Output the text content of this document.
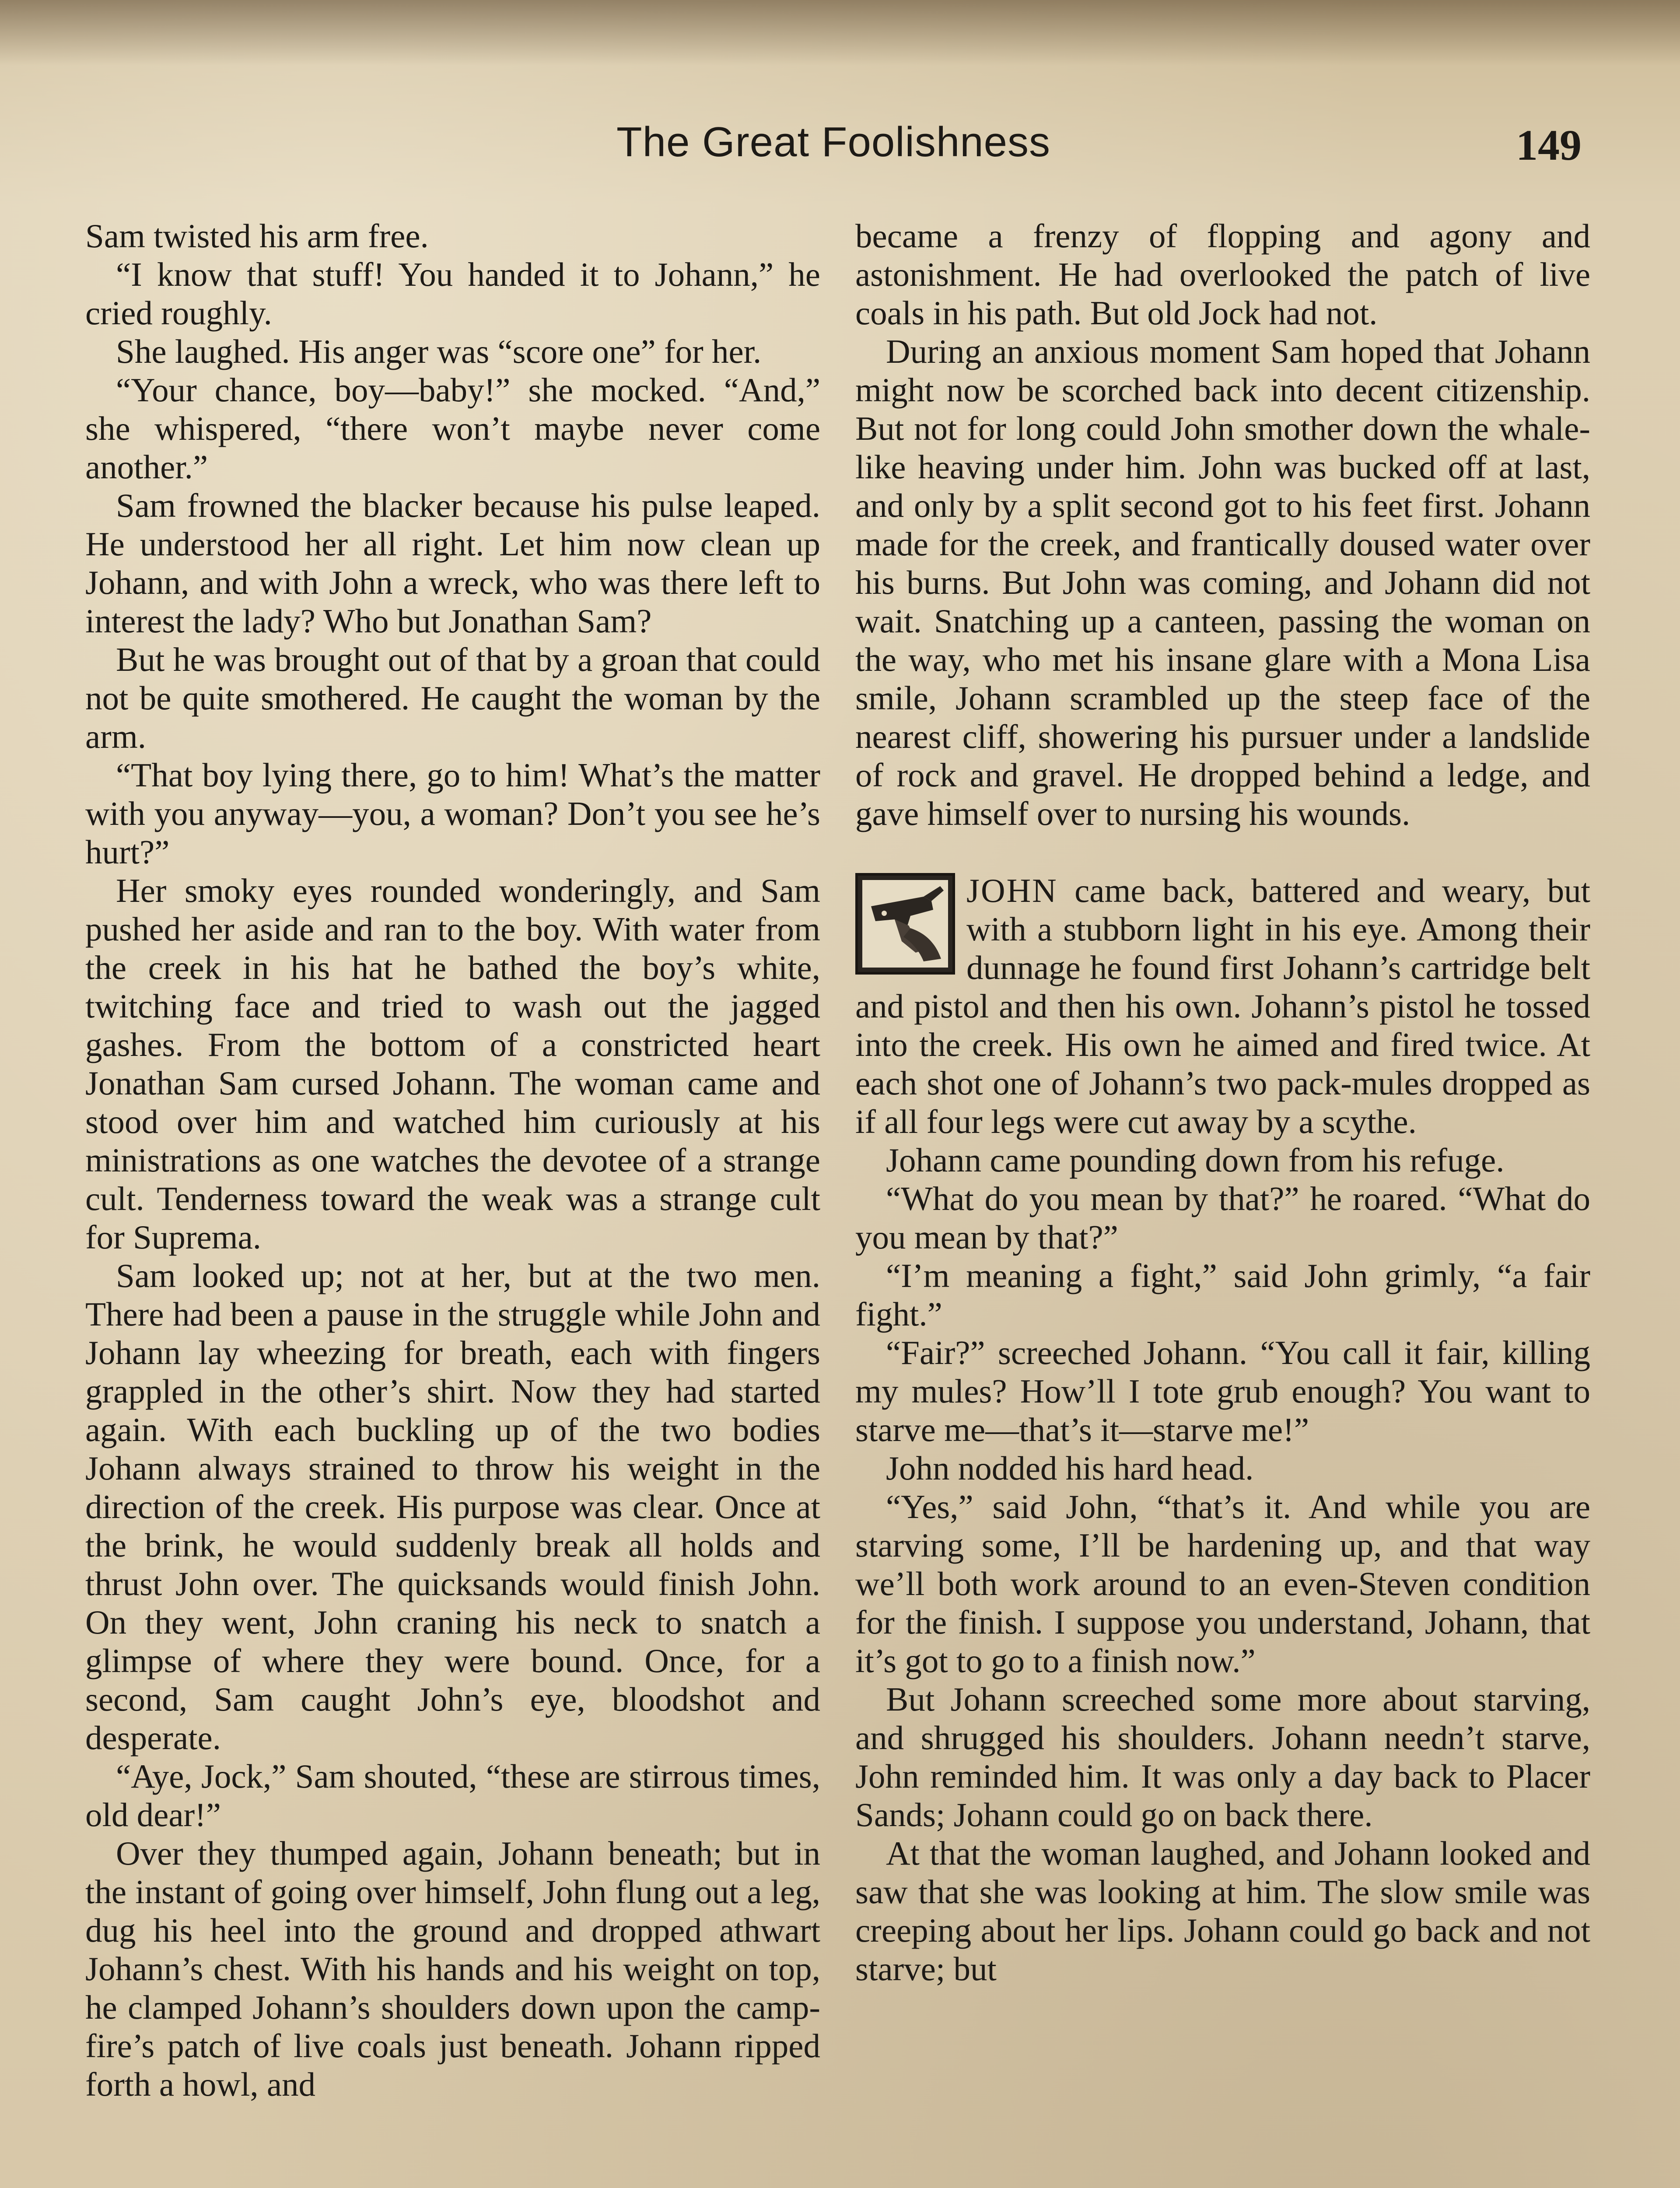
The Great Foolishness	149

Sam twisted his arm free.

“I know that stuff! You handed it to Johann,” he cried roughly.

She laughed. His anger was “score one” for her.

“Your chance, boy—baby!” she mocked. “And,” she whispered, “there won’t maybe never come another.”

Sam frowned the blacker because his pulse leaped. He understood her all right. Let him now clean up Johann, and with John a wreck, who was there left to interest the lady? Who but Jonathan Sam?

But he was brought out of that by a groan that could not be quite smothered. He caught the woman by the arm.

“That boy lying there, go to him! What’s the matter with you anyway—you, a woman? Don’t you see he’s hurt?”

Her smoky eyes rounded wonderingly, and Sam pushed her aside and ran to the boy. With water from the creek in his hat he bathed the boy’s white, twitching face and tried to wash out the jagged gashes. From the bottom of a constricted heart Jonathan Sam cursed Johann. The woman came and stood over him and watched him curiously at his ministrations as one watches the devotee of a strange cult. Tenderness toward the weak was a strange cult for Suprema.

Sam looked up; not at her, but at the two men. There had been a pause in the struggle while John and Johann lay wheezing for breath, each with fingers grappled in the other’s shirt. Now they had started again. With each buckling up of the two bodies Johann always strained to throw his weight in the direction of the creek. His purpose was clear. Once at the brink, he would suddenly break all holds and thrust John over. The quicksands would finish John. On they went, John craning his neck to snatch a glimpse of where they were bound. Once, for a second, Sam caught John’s eye, bloodshot and desperate.

“Aye, Jock,” Sam shouted, “these are stirrous times, old dear!”

Over they thumped again, Johann beneath; but in the instant of going over himself, John flung out a leg, dug his heel into the ground and dropped athwart Johann’s chest. With his hands and his weight on top, he clamped Johann’s shoulders down upon the camp-fire’s patch of live coals just beneath. Johann ripped forth a howl, and

became a frenzy of flopping and agony and astonishment. He had overlooked the patch of live coals in his path. But old Jock had not.

During an anxious moment Sam hoped that Johann might now be scorched back into decent citizenship. But not for long could John smother down the whale-like heaving under him. John was bucked off at last, and only by a split second got to his feet first. Johann made for the creek, and frantically doused water over his burns. But John was coming, and Johann did not wait. Snatching up a canteen, passing the woman on the way, who met his insane glare with a Mona Lisa smile, Johann scrambled up the steep face of the nearest cliff, showering his pursuer under a landslide of rock and gravel. He dropped behind a ledge, and gave himself over to nursing his wounds.

JOHN came back, battered and weary, but with a stubborn light in his eye. Among their dunnage he found first Johann’s cartridge belt and pistol and then his own. Johann’s pistol he tossed into the creek. His own he aimed and fired twice. At each shot one of Johann’s two pack-mules dropped as if all four legs were cut away by a scythe.

Johann came pounding down from his refuge.

“What do you mean by that?” he roared. “What do you mean by that?”

“I’m meaning a fight,” said John grimly, “a fair fight.”

“Fair?” screeched Johann. “You call it fair, killing my mules? How’ll I tote grub enough? You want to starve me—that’s it—starve me!”

John nodded his hard head.

“Yes,” said John, “that’s it. And while you are starving some, I’ll be hardening up, and that way we’ll both work around to an even-Steven condition for the finish. I suppose you understand, Johann, that it’s got to go to a finish now.”

But Johann screeched some more about starving, and shrugged his shoulders. Johann needn’t starve, John reminded him. It was only a day back to Placer Sands; Johann could go on back there.

At that the woman laughed, and Johann looked and saw that she was looking at him. The slow smile was creeping about her lips. Johann could go back and not starve; but
